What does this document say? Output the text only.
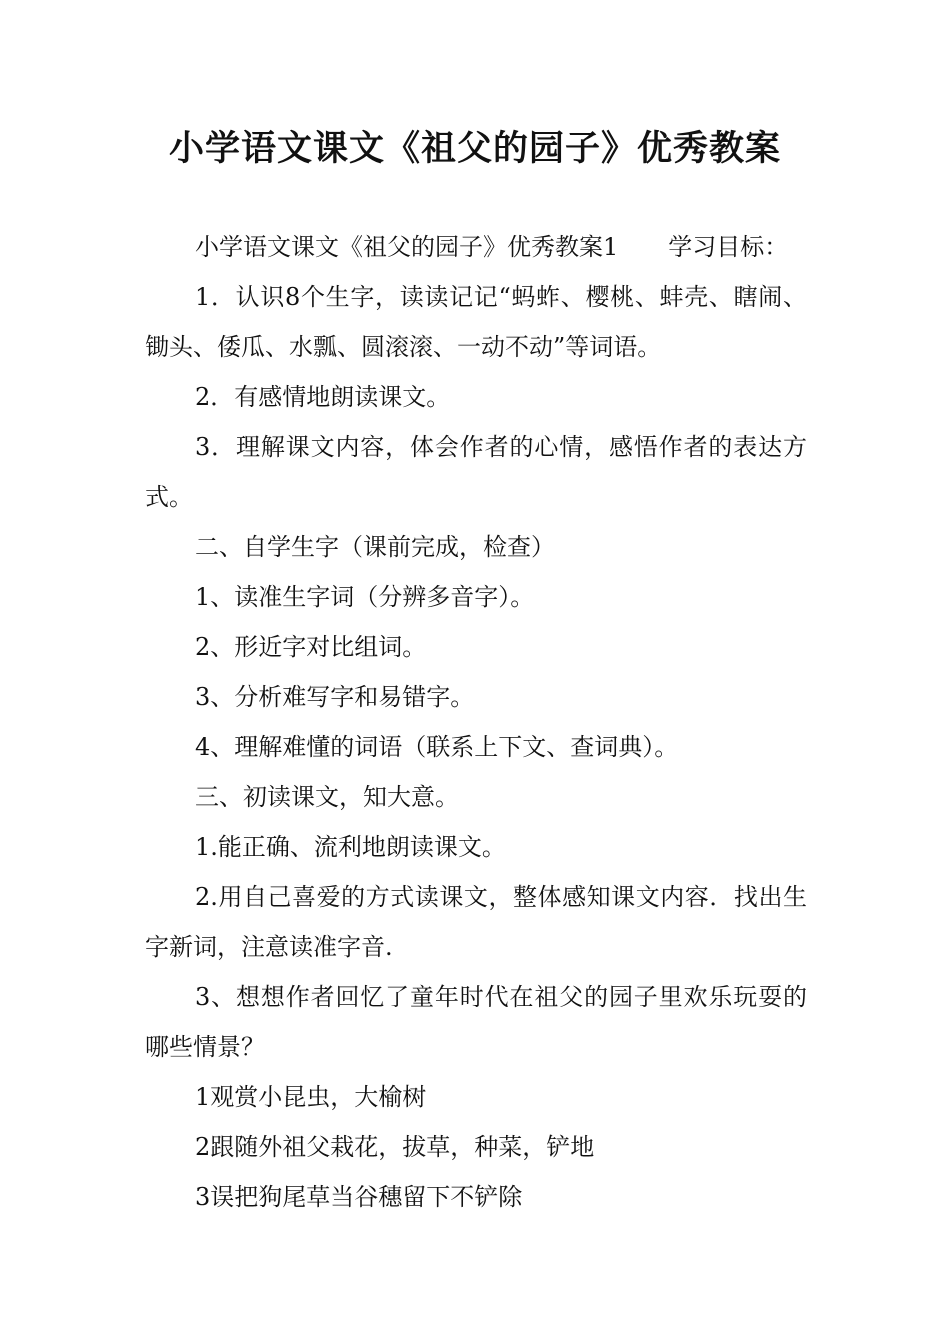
小学语文课文《祖父的园子》优秀教案

小学语文课文《祖父的园子》优秀教案1 学习目标：

1．认识8个生字，读读记记“蚂蚱、樱桃、蚌壳、瞎闹、锄头、倭瓜、水瓢、圆滚滚、一动不动”等词语。

2．有感情地朗读课文。

3．理解课文内容，体会作者的心情，感悟作者的表达方式。

二、自学生字（课前完成，检查）

1、读准生字词（分辨多音字）。

2、形近字对比组词。

3、分析难写字和易错字。

4、理解难懂的词语（联系上下文、查词典）。

三、初读课文，知大意。

1.能正确、流利地朗读课文。

2.用自己喜爱的方式读课文，整体感知课文内容．找出生字新词，注意读准字音.

3、想想作者回忆了童年时代在祖父的园子里欢乐玩耍的哪些情景？

1观赏小昆虫，大榆树

2跟随外祖父栽花，拔草，种菜，铲地

3误把狗尾草当谷穗留下不铲除
